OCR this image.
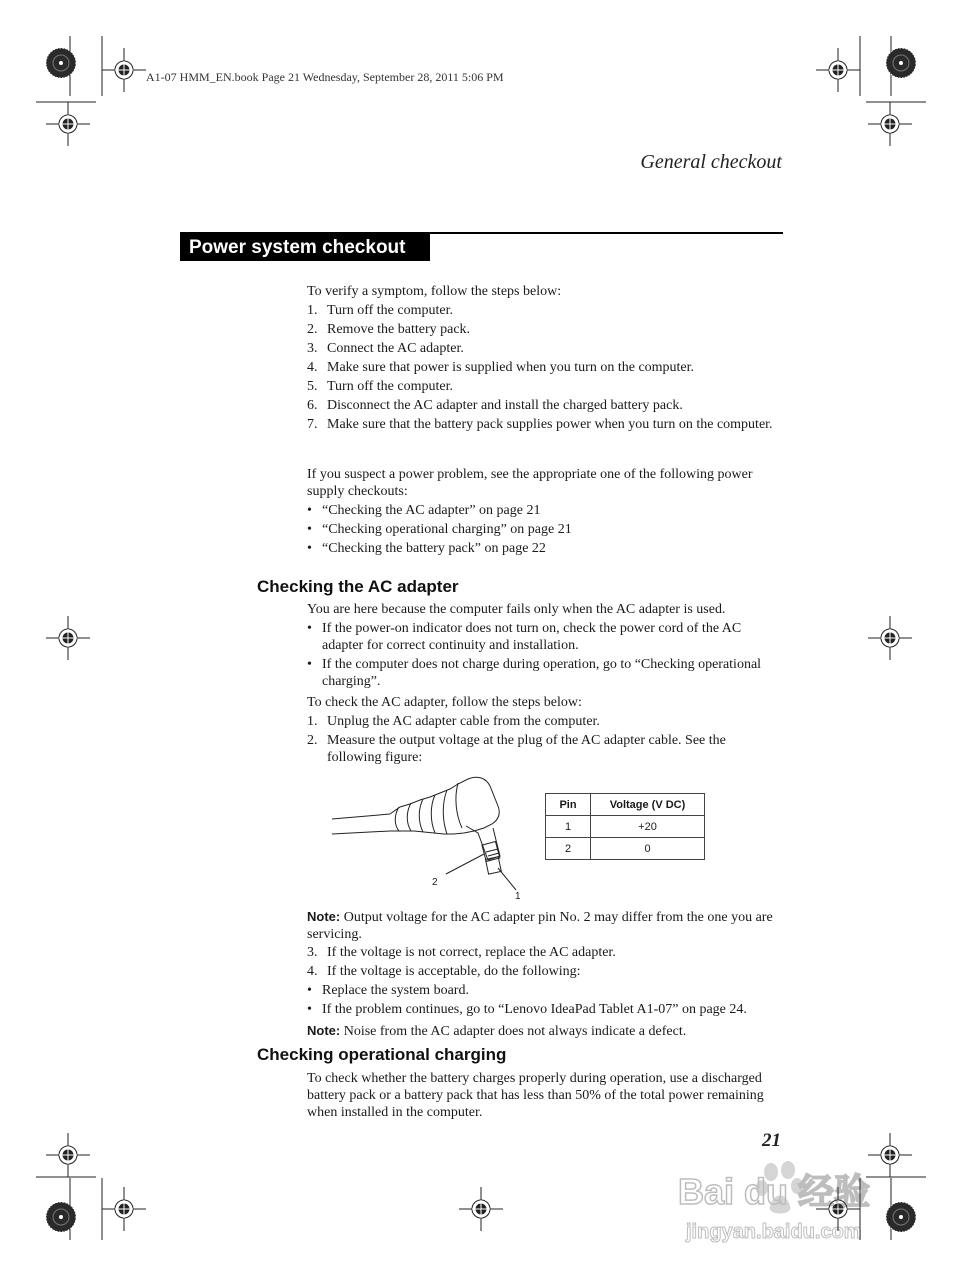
A1-07 HMM_EN.book Page 21 Wednesday, September 28, 2011 5:06 PM
General checkout
Power system checkout
To verify a symptom, follow the steps below:
1. Turn off the computer.
2. Remove the battery pack.
3. Connect the AC adapter.
4. Make sure that power is supplied when you turn on the computer.
5. Turn off the computer.
6. Disconnect the AC adapter and install the charged battery pack.
7. Make sure that the battery pack supplies power when you turn on the computer.
If you suspect a power problem, see the appropriate one of the following power supply checkouts:
• “Checking the AC adapter” on page 21
• “Checking operational charging” on page 21
• “Checking the battery pack” on page 22
Checking the AC adapter
You are here because the computer fails only when the AC adapter is used.
• If the power-on indicator does not turn on, check the power cord of the AC adapter for correct continuity and installation.
• If the computer does not charge during operation, go to “Checking operational charging”.
To check the AC adapter, follow the steps below:
1. Unplug the AC adapter cable from the computer.
2. Measure the output voltage at the plug of the AC adapter cable. See the following figure:
2
1
Pin	Voltage (V DC)
1	+20
2	0
Note: Output voltage for the AC adapter pin No. 2 may differ from the one you are servicing.
3. If the voltage is not correct, replace the AC adapter.
4. If the voltage is acceptable, do the following:
• Replace the system board.
• If the problem continues, go to “Lenovo IdeaPad Tablet A1-07” on page 24.
Note: Noise from the AC adapter does not always indicate a defect.
Checking operational charging
To check whether the battery charges properly during operation, use a discharged battery pack or a battery pack that has less than 50% of the total power remaining when installed in the computer.
21
Bai du 经验
jingyan.baidu.com
